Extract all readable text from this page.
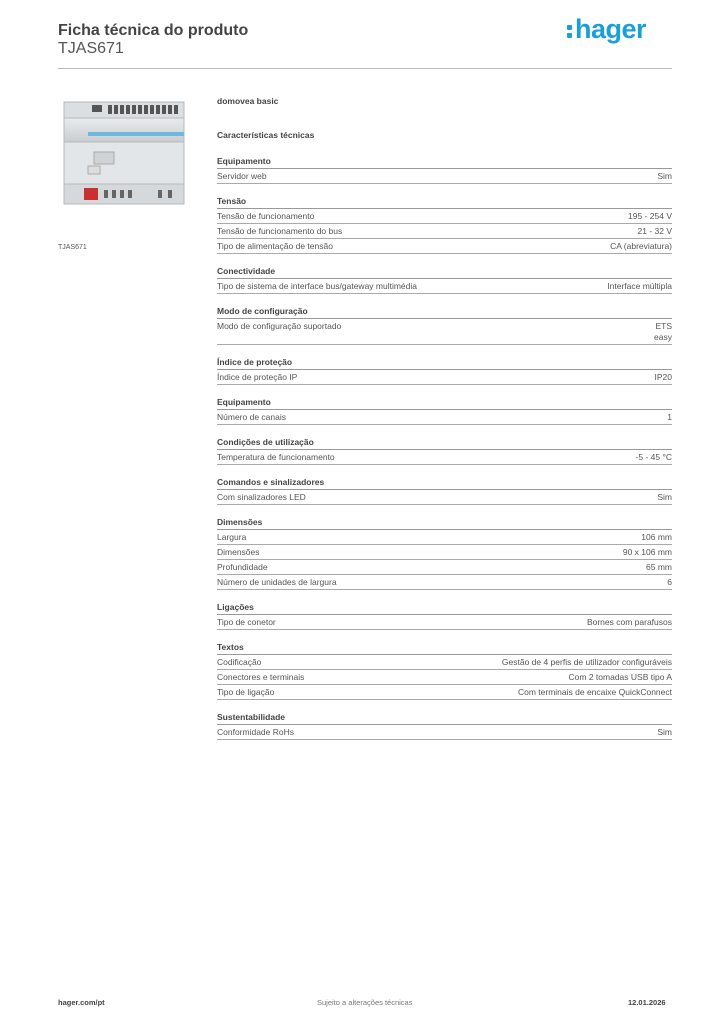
Ficha técnica do produto
TJAS671
hager
TJAS671
domovea basic
Características técnicas
Equipamento
Servidor web	Sim
Tensão
Tensão de funcionamento	195 - 254 V
Tensão de funcionamento do bus	21 - 32 V
Tipo de alimentação de tensão	CA (abreviatura)
Conectividade
Tipo de sistema de interface bus/gateway multimédia	Interface múltipla
Modo de configuração
Modo de configuração suportado	ETS
easy
Índice de proteção
Índice de proteção IP	IP20
Equipamento
Número de canais	1
Condições de utilização
Temperatura de funcionamento	-5 - 45 °C
Comandos e sinalizadores
Com sinalizadores LED	Sim
Dimensões
Largura	106 mm
Dimensões	90 x 106 mm
Profundidade	65 mm
Número de unidades de largura	6
Ligações
Tipo de conetor	Bornes com parafusos
Textos
Codificação	Gestão de 4 perfis de utilizador configuráveis
Conectores e terminais	Com 2 tomadas USB tipo A
Tipo de ligação	Com terminais de encaixe QuickConnect
Sustentabilidade
Conformidade RoHs	Sim
hager.com/pt	Sujeito a alterações técnicas	12.01.2026
